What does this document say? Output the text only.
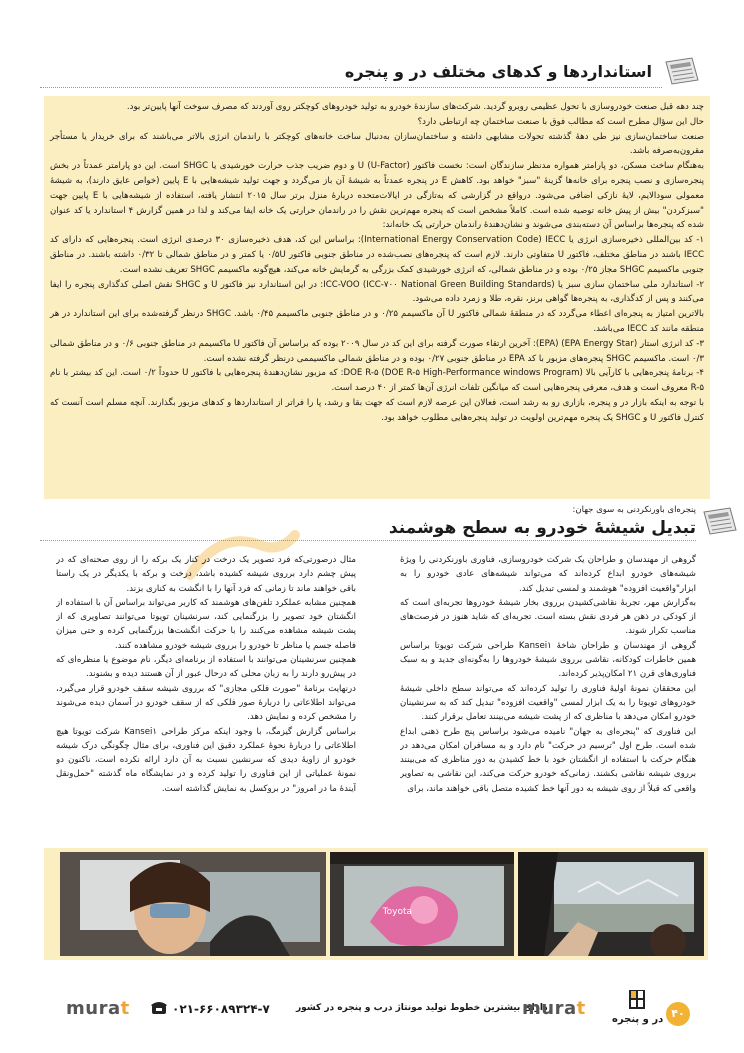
استانداردها و کدهای مختلف در و پنجره

چند دهه قبل صنعت خودروسازی با تحول عظیمی روبرو گردید. شرکت‌های سازندهٔ خودرو به تولید خودروهای کوچکتر روی آوردند که مصرف سوخت آنها پایین‌تر بود.

حال این سؤال مطرح است که مطالب فوق با صنعت ساختمان چه ارتباطی دارد؟

صنعت ساختمان‌سازی نیز طی دههٔ گذشته تحولات مشابهی داشته و ساختمان‌سازان به‌دنبال ساخت خانه‌های کوچکتر با راندمان انرژی بالاتر می‌باشند که برای خریدار یا مستأجر مقرون‌به‌صرفه باشد.

به‌هنگام ساخت مسکن، دو پارامتر همواره مدنظر سازندگان است: نخست فاکتور U (U-Factor) و دوم ضریب جذب حرارت خورشیدی یا SHGC است. این دو پارامتر عمدتاً در بخش پنجره‌سازی و نصب پنجره برای خانه‌ها گزینهٔ "سبز" خواهد بود. کاهش E در پنجره عمدتاً به شیشهٔ آن باز می‌گردد و جهت تولید شیشه‌هایی با E پایین (خواص عایق دارند)، به شیشهٔ معمولی سودالایم، لایهٔ نازکی اضافی می‌شود. درواقع در گزارشی که به‌تازگی در ایالات‌متحده دربارهٔ منزل برتر سال ۲۰۱۵ انتشار یافته، استفاده از شیشه‌هایی با E پایین جهت "سبزکردن" بیش از پیش خانه توصیه شده است. کاملاً مشخص است که پنجره مهم‌ترین نقش را در راندمان حرارتی یک خانه ایفا می‌کند و لذا در همین گزارش ۴ استاندارد یا کد عنوان شده که پنجره‌ها براساس آن دسته‌بندی می‌شوند و نشان‌دهندهٔ راندمان حرارتی یک خانه‌اند:

۱- کد بین‌المللی ذخیره‌سازی انرژی یا International Energy Conservation Code) IECC): براساس این کد، هدف ذخیره‌سازی ۳۰ درصدی انرژی است. پنجره‌هایی که دارای کد IECC باشند در مناطق مختلف، فاکتور U متفاوتی دارند. لازم است که پنجره‌های نصب‌شده در مناطق جنوبی فاکتور ۰/۵U یا کمتر و در مناطق شمالی تا ۰/۳۲ داشته باشند. در مناطق جنوبی ماکسیمم SHGC مجاز ۰/۲۵ بوده و در مناطق شمالی، که انرژی خورشیدی کمک بزرگی به گرمایش خانه می‌کند، هیچ‌گونه ماکسیمم SHGC تعریف نشده است.

۲- استاندارد ملی ساختمان سازی سبز یا ICC-VOO (ICC-۷۰۰ National Green Building Standards): در این استاندارد نیز فاکتور U و SHGC نقش اصلی کدگذاری پنجره را ایفا می‌کنند و پس از کدگذاری، به پنجره‌ها گواهی برنز، نقره، طلا و زمرد داده می‌شود.

بالاترین امتیاز به پنجره‌ای اعطاء می‌گردد که در منطقهٔ شمالی فاکتور U آن ماکسیمم ۰/۲۵ و در مناطق جنوبی ماکسیمم ۰/۴۵ باشد. SHGC درنظر گرفته‌شده برای این استاندارد در هر منطقه مانند کد IECC می‌باشد.

۳- کد انرژی استار (EPA Energy Star) (EPA): آخرین ارتقاء صورت گرفته برای این کد در سال ۲۰۰۹ بوده که براساس آن فاکتور U ماکسیمم در مناطق جنوبی ۰/۶ و در مناطق شمالی ۰/۳ است. ماکسیمم SHGC پنجره‌های مزبور با کد EPA در مناطق جنوبی ۰/۲۷ بوده و در مناطق شمالی ماکسیممی درنظر گرفته نشده است.

۴- برنامهٔ پنجره‌هایی با کارآیی بالا DOE R-۵ (DOE R-۵ High-Performance windows Program): که مزبور نشان‌دهندهٔ پنجره‌هایی با فاکتور U حدوداً ۰/۲ است. این کد بیشتر با نام R-۵ معروف است و هدف، معرفی پنجره‌هایی است که میانگین تلفات انرژی آن‌ها کمتر از ۴۰ درصد است.

با توجه به اینکه بازار در و پنجره، بازاری رو به رشد است، فعالان این عرصه لازم است که جهت بقا و رشد، پا را فراتر از استانداردها و کدهای مزبور بگذارند. آنچه مسلم است آنست که کنترل فاکتور U و SHGC یک پنجره مهم‌ترین اولویت در تولید پنجره‌هایی مطلوب خواهد بود.

پنجره‌ای باورنکردنی به سوی جهان:
تبدیل شیشهٔ خودرو به سطح هوشمند

گروهی از مهندسان و طراحان یک شرکت خودروسازی، فناوری باورنکردنی را ویژهٔ شیشه‌های خودرو ابداع کرده‌اند که می‌تواند شیشه‌های عادی خودرو را به ابزار"واقعیت افزوده" هوشمند و لمسی تبدیل کند.

به‌گزارش مهر، تجربهٔ نقاشی‌کشیدن برروی بخار شیشهٔ خودروها تجربه‌ای است که از کودکی در ذهن هر فردی نقش بسته است. تجربه‌ای که شاید هنوز در فرصت‌های مناسب تکرار شوند.

گروهی از مهندسان و طراحان شاخهٔ Kansei۱ طراحی شرکت تویوتا براساس همین خاطرات کودکانه، نقاشی برروی شیشهٔ خودروها را به‌گونه‌ای جدید و به سبک فناوری‌های قرن ۲۱ امکان‌پذیر کرده‌اند.

این محققان نمونهٔ اولیهٔ فناوری را تولید کرده‌اند که می‌تواند سطح داخلی شیشهٔ خودروهای تویوتا را به یک ابزار لمسی "واقعیت افزوده" تبدیل کند که به سرنشینان خودرو امکان می‌دهد با مناظری که از پشت شیشه می‌بینند تعامل برقرار کنند.

این فناوری که "پنجره‌ای به جهان" نامیده می‌شود براساس پنج طرح ذهنی ابداع شده است. طرح اول "ترسیم در حرکت" نام دارد و به مسافران امکان می‌دهد در هنگام حرکت با استفاده از انگشتان خود با خط کشیدن به دور مناظری که می‌بینند برروی شیشه نقاشی بکشند. زمانی‌که خودرو حرکت می‌کند، این نقاشی به تصاویر واقعی که قبلاً از روی شیشه به دور آنها خط کشیده متصل باقی خواهند ماند، برای

مثال درصورتی‌که فرد تصویر یک درخت در کنار یک برکه را از روی صحنه‌ای که در پیش چشم دارد برروی شیشه کشیده باشد، درخت و برکه با یکدیگر در یک راستا باقی خواهند ماند تا زمانی که فرد آنها را با انگشت به کناری بزند.

همچنین مشابه عملکرد تلفن‌های هوشمند که کاربر می‌تواند براساس آن با استفاده از انگشتان خود تصویر را بزرگنمایی کند، سرنشینان تویوتا می‌توانند تصاویری که از پشت شیشه مشاهده می‌کنند را با حرکت انگشت‌ها بزرگنمایی کرده و حتی میزان فاصله جسم یا مناظر تا خودرو را برروی شیشه خودرو مشاهده کنند.

همچنین سرنشینان می‌توانند با استفاده از برنامه‌ای دیگر، نام موضوع یا منظره‌ای که در پیش‌رو دارند را به زبان محلی که درحال عبور از آن هستند دیده و بشنوند.

درنهایت برنامهٔ "صورت فلکی مجازی" که برروی شیشه سقف خودرو قرار می‌گیرد، می‌تواند اطلاعاتی را دربارهٔ صور فلکی که از سقف خودرو در آسمان دیده می‌شوند را مشخص کرده و نمایش دهد.

براساس گزارش گیزمگ، با وجود اینکه مرکز طراحی Kansei۱ شرکت تویوتا هیچ اطلاعاتی را دربارهٔ نحوهٔ عملکرد دقیق این فناوری، برای مثال چگونگی درک شیشه خودرو از زاویهٔ دیدی که سرنشین نسبت به آن دارد ارائه نکرده است، ناکنون دو نمونهٔ عملیاتی از این فناوری را تولید کرده و در نمایشگاه ماه گذشته "حمل‌ونقل آیندهٔ ما در امروز" در بروکسل به نمایش گذاشته است.

Toyota
murat	۰۲۱-۶۶۰۸۹۳۲۴-۷	دارای بیشترین خطوط تولید مونتاژ درب و پنجره در کشور
murat
در و پنجره ۴۰
